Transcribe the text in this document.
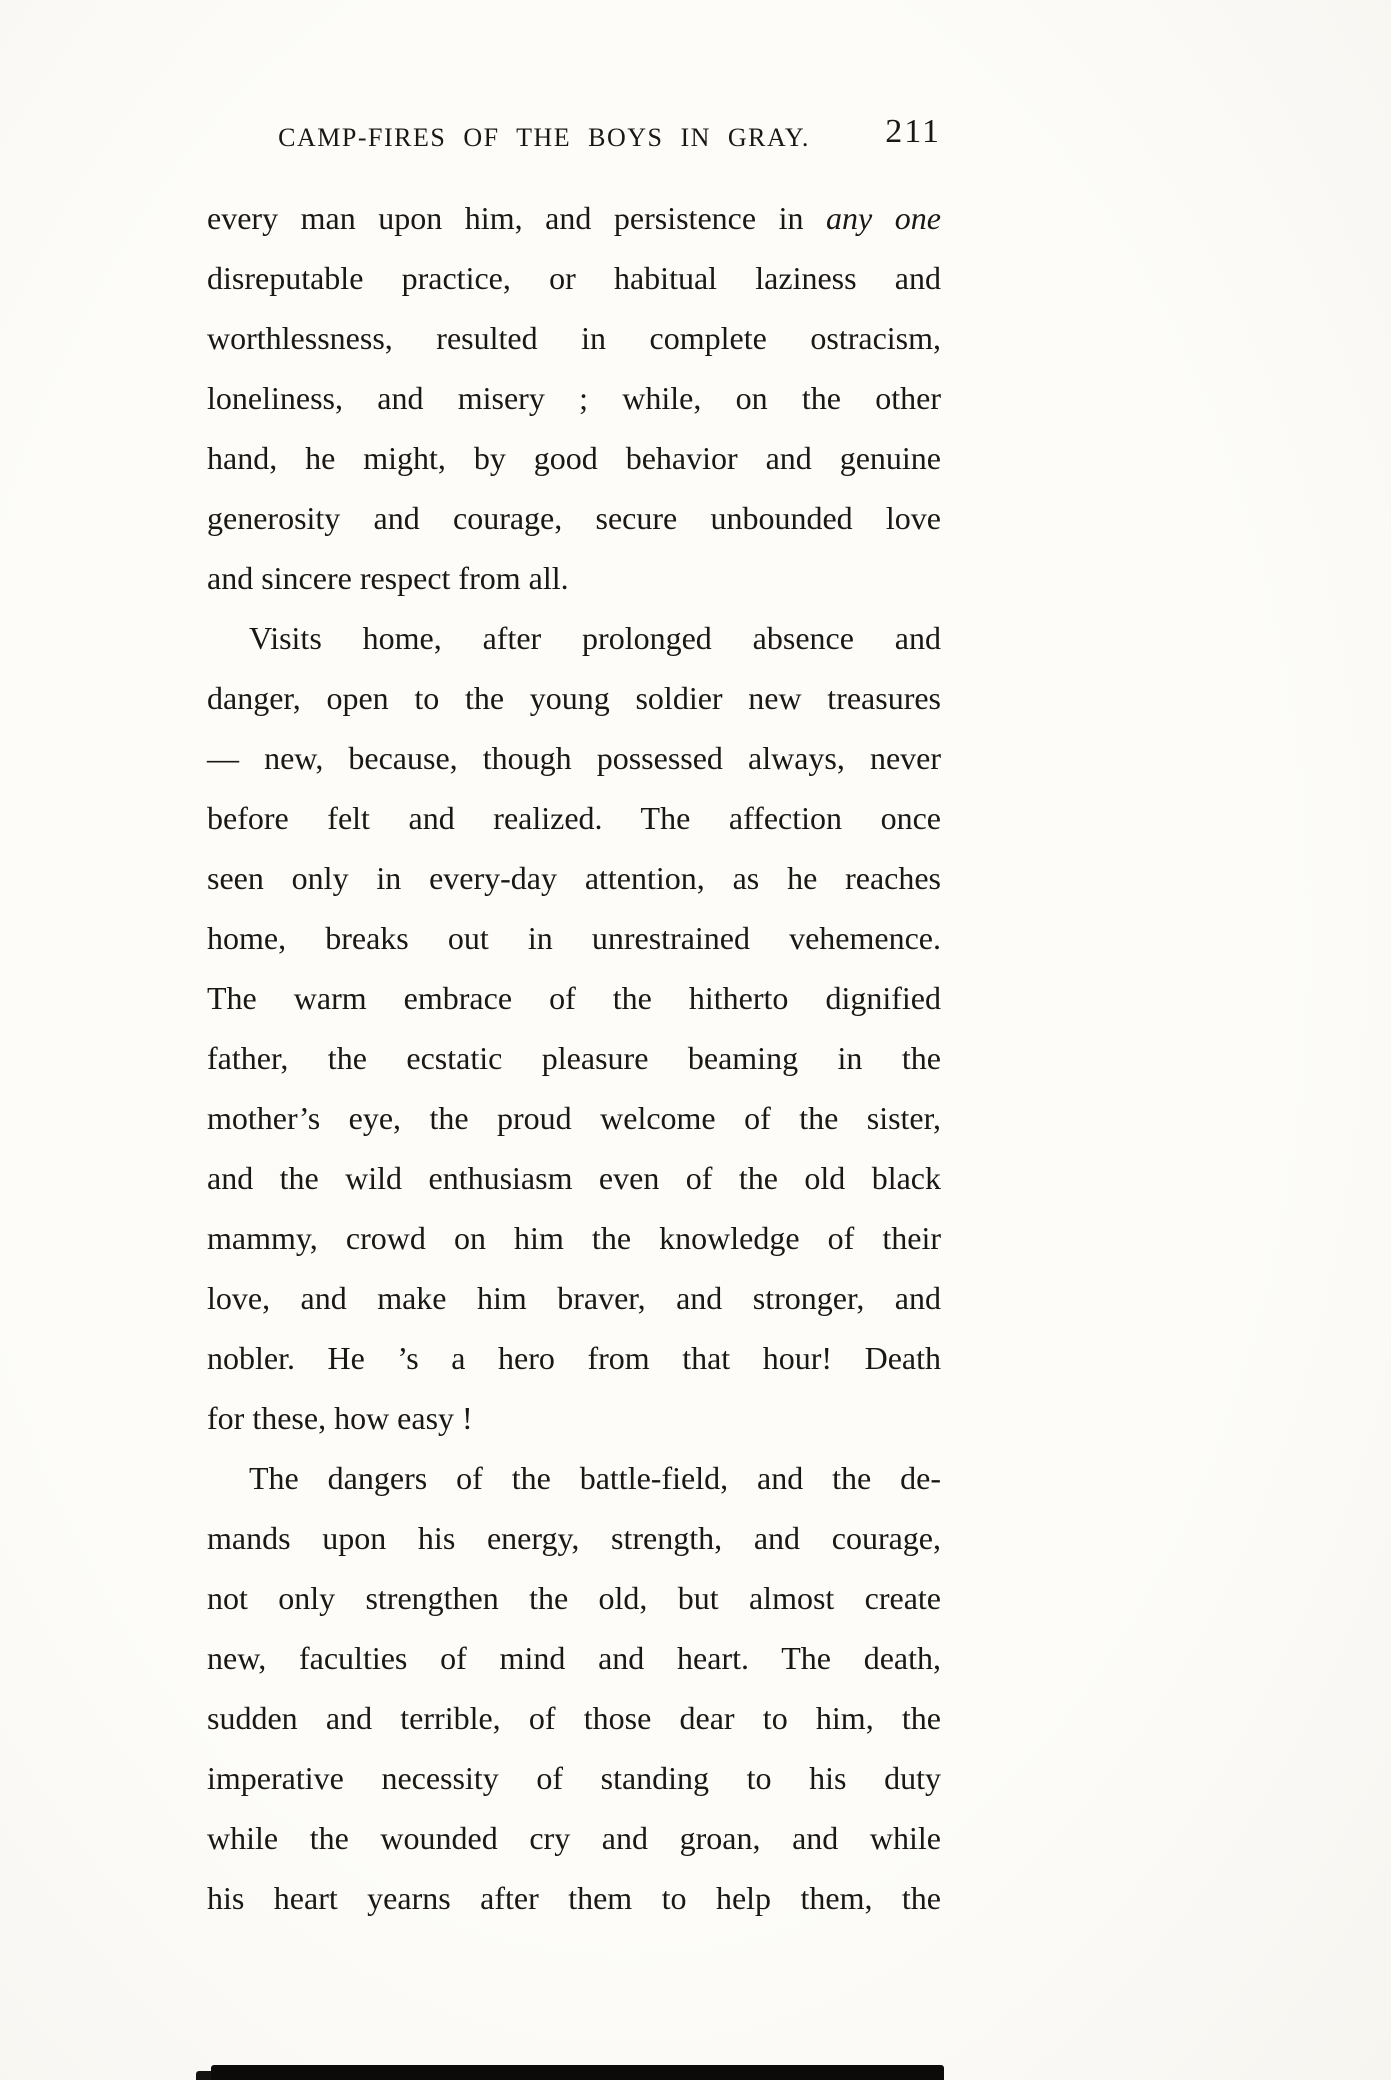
CAMP-FIRES OF THE BOYS IN GRAY.	211
every man upon him, and persistence in any one
disreputable practice, or habitual laziness and
worthlessness, resulted in complete ostracism,
loneliness, and misery ; while, on the other
hand, he might, by good behavior and genuine
generosity and courage, secure unbounded love
and sincere respect from all.
Visits home, after prolonged absence and
danger, open to the young soldier new treasures
— new, because, though possessed always, never
before felt and realized. The affection once
seen only in every-day attention, as he reaches
home, breaks out in unrestrained vehemence.
The warm embrace of the hitherto dignified
father, the ecstatic pleasure beaming in the
mother’s eye, the proud welcome of the sister,
and the wild enthusiasm even of the old black
mammy, crowd on him the knowledge of their
love, and make him braver, and stronger, and
nobler. He ’s a hero from that hour! Death
for these, how easy !
The dangers of the battle-field, and the de-
mands upon his energy, strength, and courage,
not only strengthen the old, but almost create
new, faculties of mind and heart. The death,
sudden and terrible, of those dear to him, the
imperative necessity of standing to his duty
while the wounded cry and groan, and while
his heart yearns after them to help them, the
